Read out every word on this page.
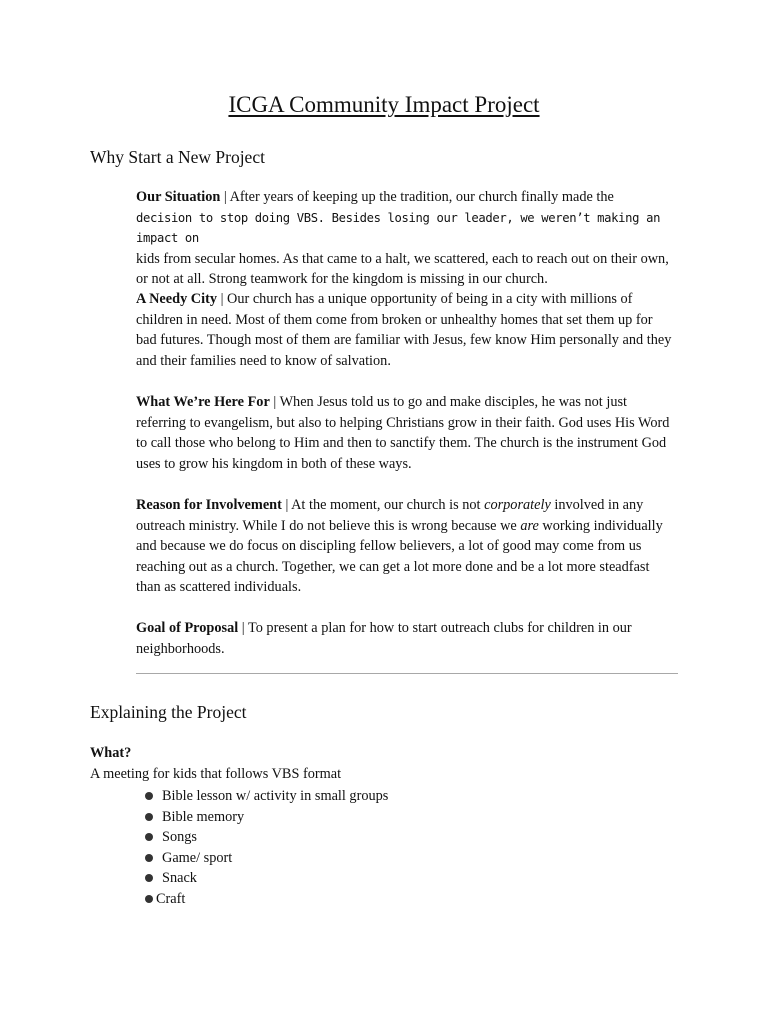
ICGA Community Impact Project
Why Start a New Project

Our Situation | After years of keeping up the tradition, our church finally made the
decision to stop doing VBS. Besides losing our leader, we weren’t making an impact on
kids from secular homes. As that came to a halt, we scattered, each to reach out on their own, or not at all. Strong teamwork for the kingdom is missing in our church.

A Needy City | Our church has a unique opportunity of being in a city with millions of children in need. Most of them come from broken or unhealthy homes that set them up for bad futures. Though most of them are familiar with Jesus, few know Him personally and they and their families need to know of salvation.

What We’re Here For | When Jesus told us to go and make disciples, he was not just referring to evangelism, but also to helping Christians grow in their faith. God uses His Word to call those who belong to Him and then to sanctify them. The church is the instrument God uses to grow his kingdom in both of these ways.

Reason for Involvement | At the moment, our church is not corporately involved in any outreach ministry. While I do not believe this is wrong because we are working individually and because we do focus on discipling fellow believers, a lot of good may come from us reaching out as a church. Together, we can get a lot more done and be a lot more steadfast than as scattered individuals.

Goal of Proposal | To present a plan for how to start outreach clubs for children in our neighborhoods.

Explaining the Project

What?

A meeting for kids that follows VBS format

Bible lesson w/ activity in small groups
Bible memory
Songs
Game/ sport
Snack
Craft
